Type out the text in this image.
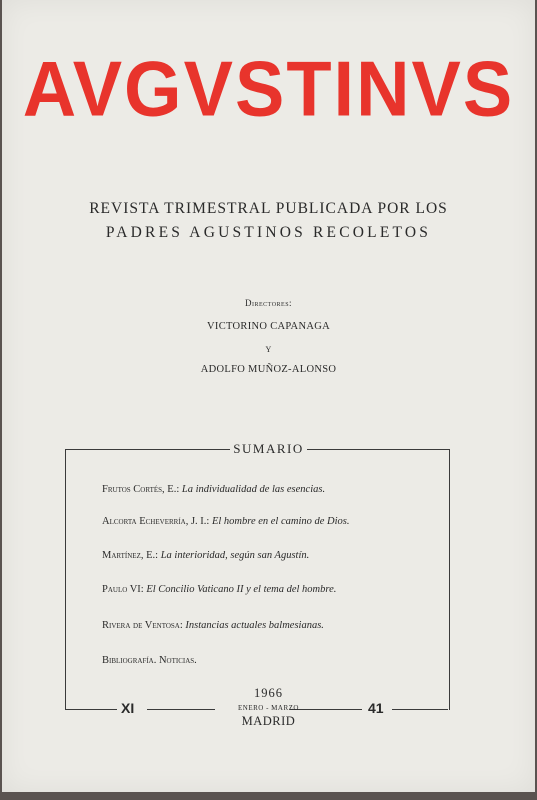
AVGVSTINVS
REVISTA TRIMESTRAL PUBLICADA POR LOS
PADRES AGUSTINOS RECOLETOS
Directores:
VICTORINO CAPANAGA
Y
ADOLFO MUÑOZ-ALONSO
SUMARIO
Frutos Cortés, E.: La individualidad de las esencias.
Alcorta Echeverría, J. I.: El hombre en el camino de Dios.
Martínez, E.: La interioridad, según san Agustín.
Paulo VI: El Concilio Vaticano II y el tema del hombre.
Rivera de Ventosa: Instancias actuales balmesianas.
Bibliografía. Noticias.
1966
XI	ENERO - MARZO	41
MADRID
